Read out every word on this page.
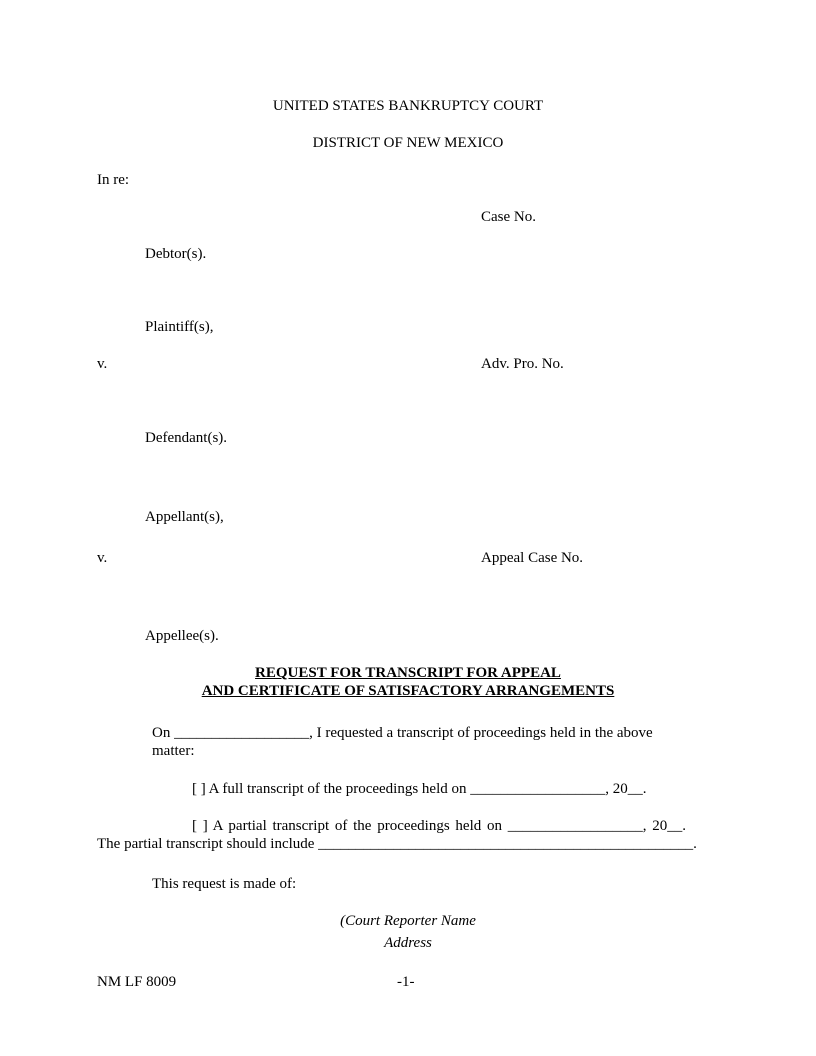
UNITED STATES BANKRUPTCY COURT
DISTRICT OF NEW MEXICO
In re:
Case No.
Debtor(s).
Plaintiff(s),
v.	Adv. Pro. No.
Defendant(s).
Appellant(s),
v.	Appeal Case No.
Appellee(s).
REQUEST FOR TRANSCRIPT FOR APPEAL
AND CERTIFICATE OF SATISFACTORY ARRANGEMENTS
On __________________, I requested a transcript of proceedings held in the above
matter:
[ ] A full transcript of the proceedings held on __________________, 20__.
[ ] A partial transcript of the proceedings held on __________________, 20__.
The partial transcript should include __________________________________________________.
This request is made of:
(Court Reporter Name
Address
NM LF 8009	-1-
